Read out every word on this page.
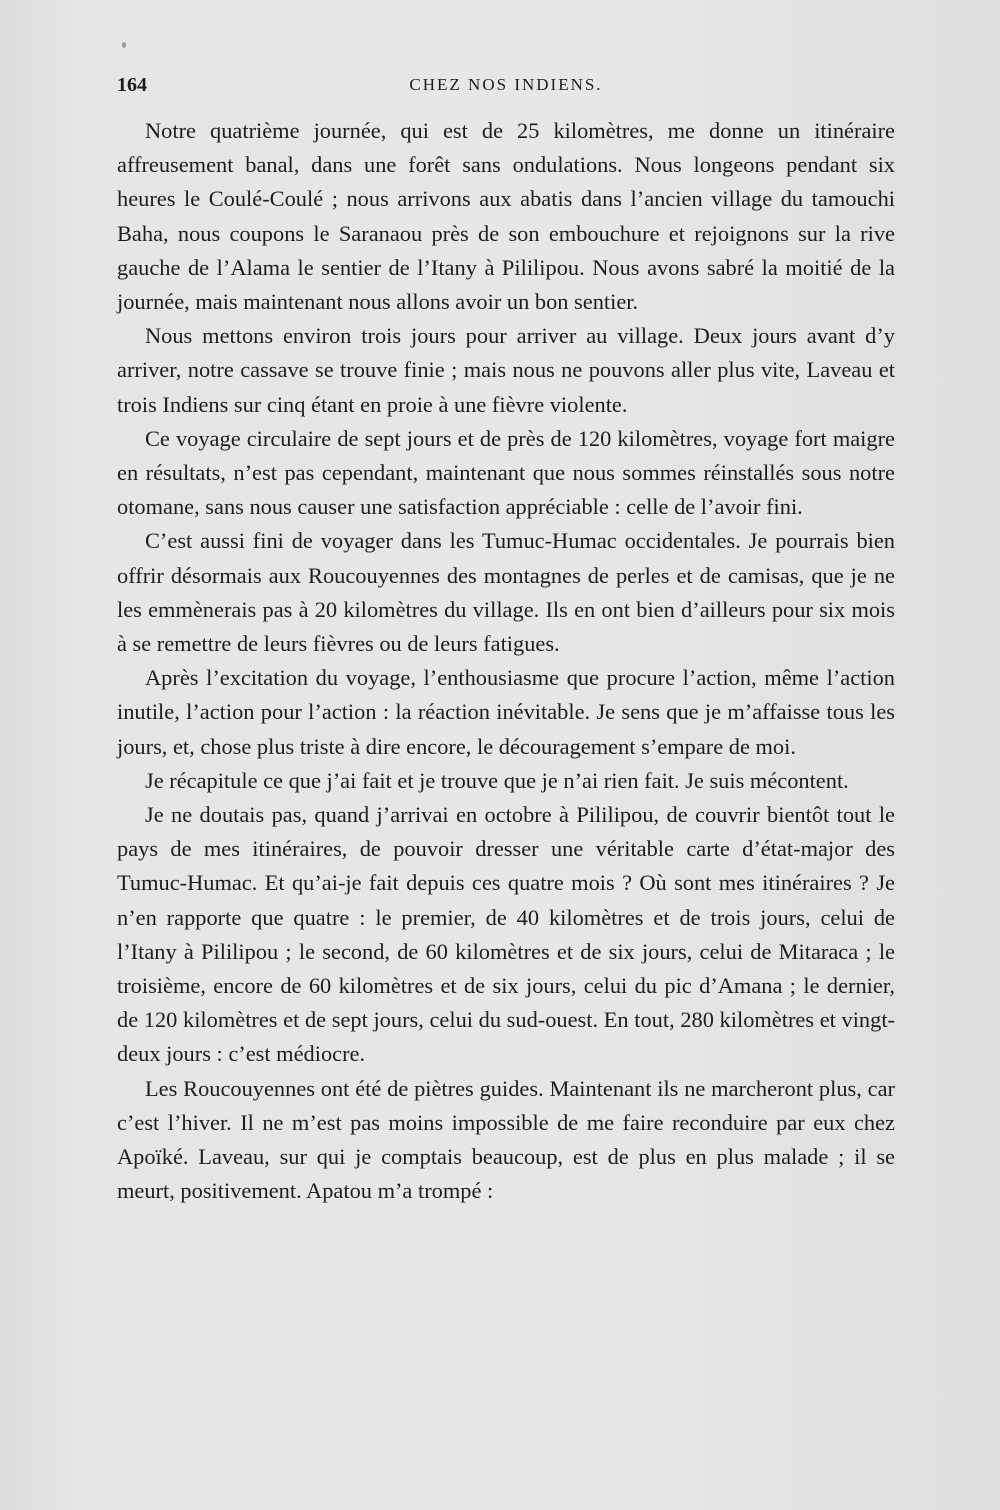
164	CHEZ NOS INDIENS.

Notre quatrième journée, qui est de 25 kilomètres, me donne un itinéraire affreusement banal, dans une forêt sans ondulations. Nous longeons pendant six heures le Coulé-Coulé ; nous arrivons aux abatis dans l’ancien village du tamouchi Baha, nous coupons le Saranaou près de son embouchure et rejoignons sur la rive gauche de l’Alama le sentier de l’Itany à Pililipou. Nous avons sabré la moitié de la journée, mais maintenant nous allons avoir un bon sentier.

Nous mettons environ trois jours pour arriver au village. Deux jours avant d’y arriver, notre cassave se trouve finie ; mais nous ne pouvons aller plus vite, Laveau et trois Indiens sur cinq étant en proie à une fièvre violente.

Ce voyage circulaire de sept jours et de près de 120 kilomètres, voyage fort maigre en résultats, n’est pas cependant, maintenant que nous sommes réinstallés sous notre otomane, sans nous causer une satisfaction appréciable : celle de l’avoir fini.

C’est aussi fini de voyager dans les Tumuc-Humac occidentales. Je pourrais bien offrir désormais aux Roucouyennes des montagnes de perles et de camisas, que je ne les emmènerais pas à 20 kilomètres du village. Ils en ont bien d’ailleurs pour six mois à se remettre de leurs fièvres ou de leurs fatigues.

Après l’excitation du voyage, l’enthousiasme que procure l’action, même l’action inutile, l’action pour l’action : la réaction inévitable. Je sens que je m’affaisse tous les jours, et, chose plus triste à dire encore, le découragement s’empare de moi.

Je récapitule ce que j’ai fait et je trouve que je n’ai rien fait. Je suis mécontent.

Je ne doutais pas, quand j’arrivai en octobre à Pililipou, de couvrir bientôt tout le pays de mes itinéraires, de pouvoir dresser une véritable carte d’état-major des Tumuc-Humac. Et qu’ai-je fait depuis ces quatre mois ? Où sont mes itinéraires ? Je n’en rapporte que quatre : le premier, de 40 kilomètres et de trois jours, celui de l’Itany à Pililipou ; le second, de 60 kilomètres et de six jours, celui de Mitaraca ; le troisième, encore de 60 kilomètres et de six jours, celui du pic d’Amana ; le dernier, de 120 kilomètres et de sept jours, celui du sud-ouest. En tout, 280 kilomètres et vingt-deux jours : c’est médiocre.

Les Roucouyennes ont été de piètres guides. Maintenant ils ne marcheront plus, car c’est l’hiver. Il ne m’est pas moins impossible de me faire reconduire par eux chez Apoïké. Laveau, sur qui je comptais beaucoup, est de plus en plus malade ; il se meurt, positivement. Apatou m’a trompé :
